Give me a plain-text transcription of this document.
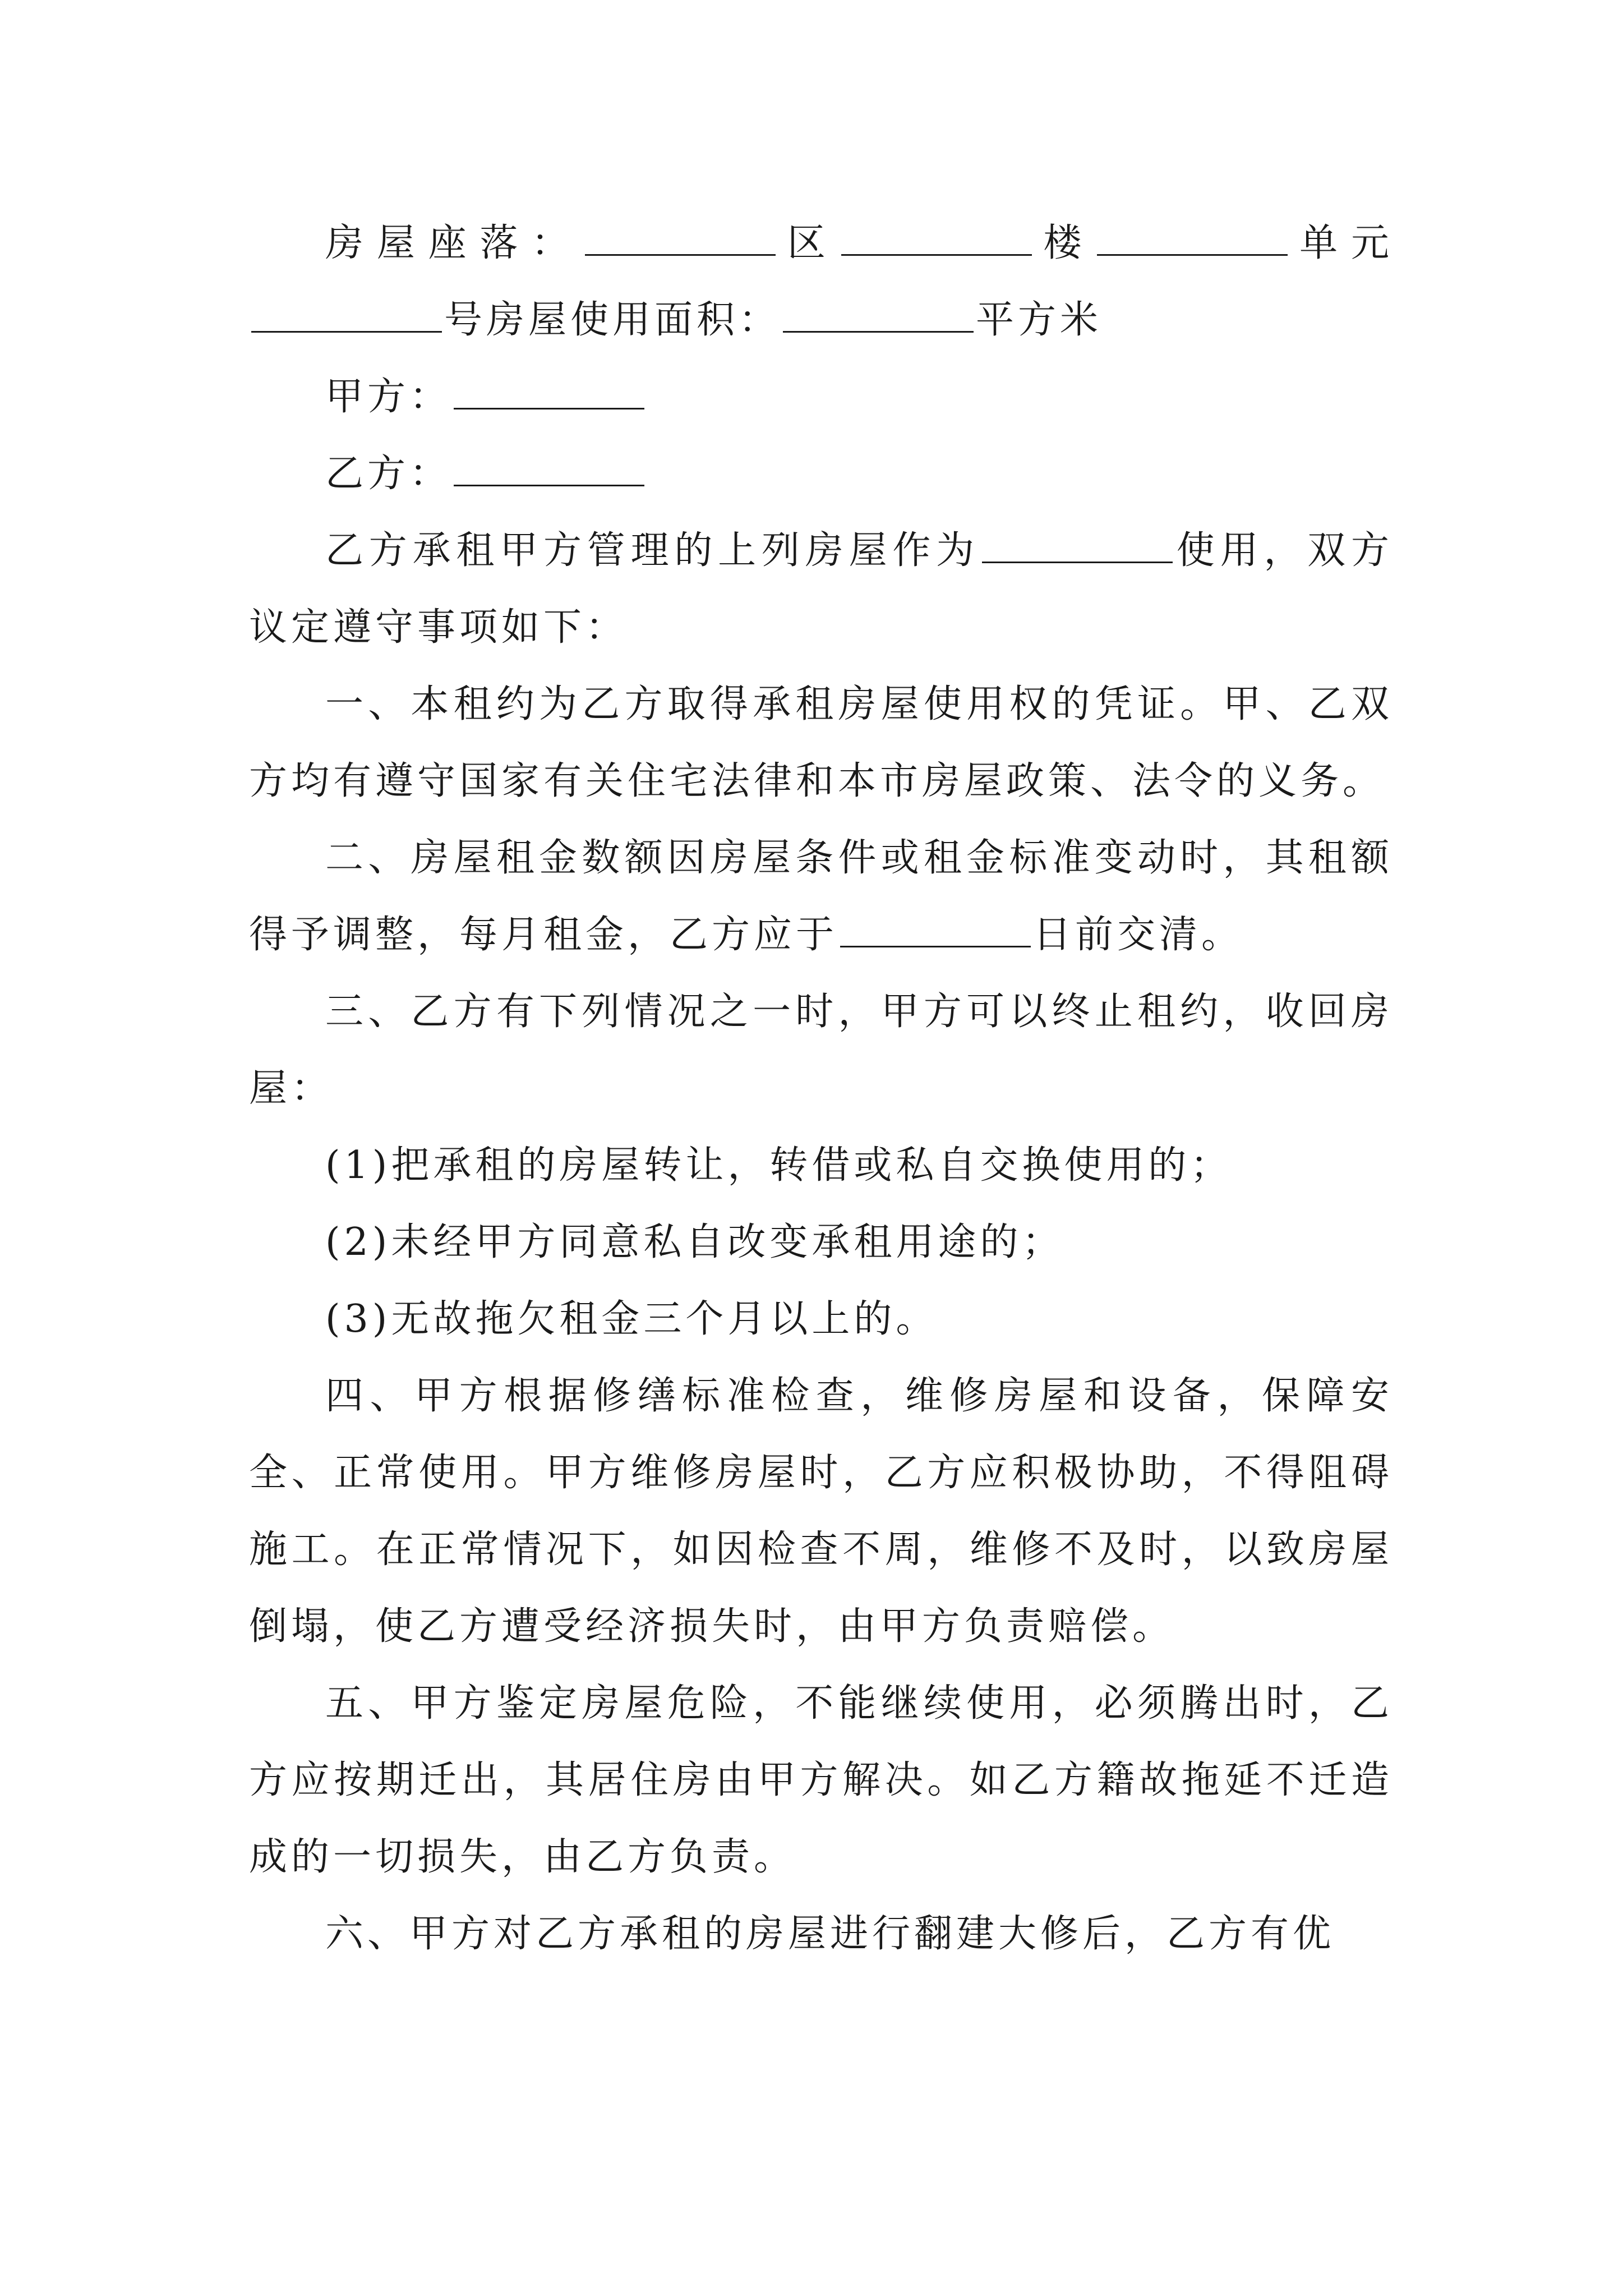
房屋座落：	区	楼	单元号房屋使用面积：	平方米

甲方：

乙方：

乙方承租甲方管理的上列房屋作为	使用，双方议定遵守事项如下：

一、本租约为乙方取得承租房屋使用权的凭证。甲、乙双方均有遵守国家有关住宅法律和本市房屋政策、法令的义务。

二、房屋租金数额因房屋条件或租金标准变动时，其租额得予调整，每月租金，乙方应于	日前交清。

三、乙方有下列情况之一时，甲方可以终止租约，收回房屋：

(1)把承租的房屋转让，转借或私自交换使用的；

(2)未经甲方同意私自改变承租用途的；

(3)无故拖欠租金三个月以上的。

四、甲方根据修缮标准检查，维修房屋和设备，保障安全、正常使用。甲方维修房屋时，乙方应积极协助，不得阻碍施工。在正常情况下，如因检查不周，维修不及时，以致房屋倒塌，使乙方遭受经济损失时，由甲方负责赔偿。

五、甲方鉴定房屋危险，不能继续使用，必须腾出时，乙方应按期迁出，其居住房由甲方解决。如乙方籍故拖延不迁造成的一切损失，由乙方负责。

六、甲方对乙方承租的房屋进行翻建大修后，乙方有优
